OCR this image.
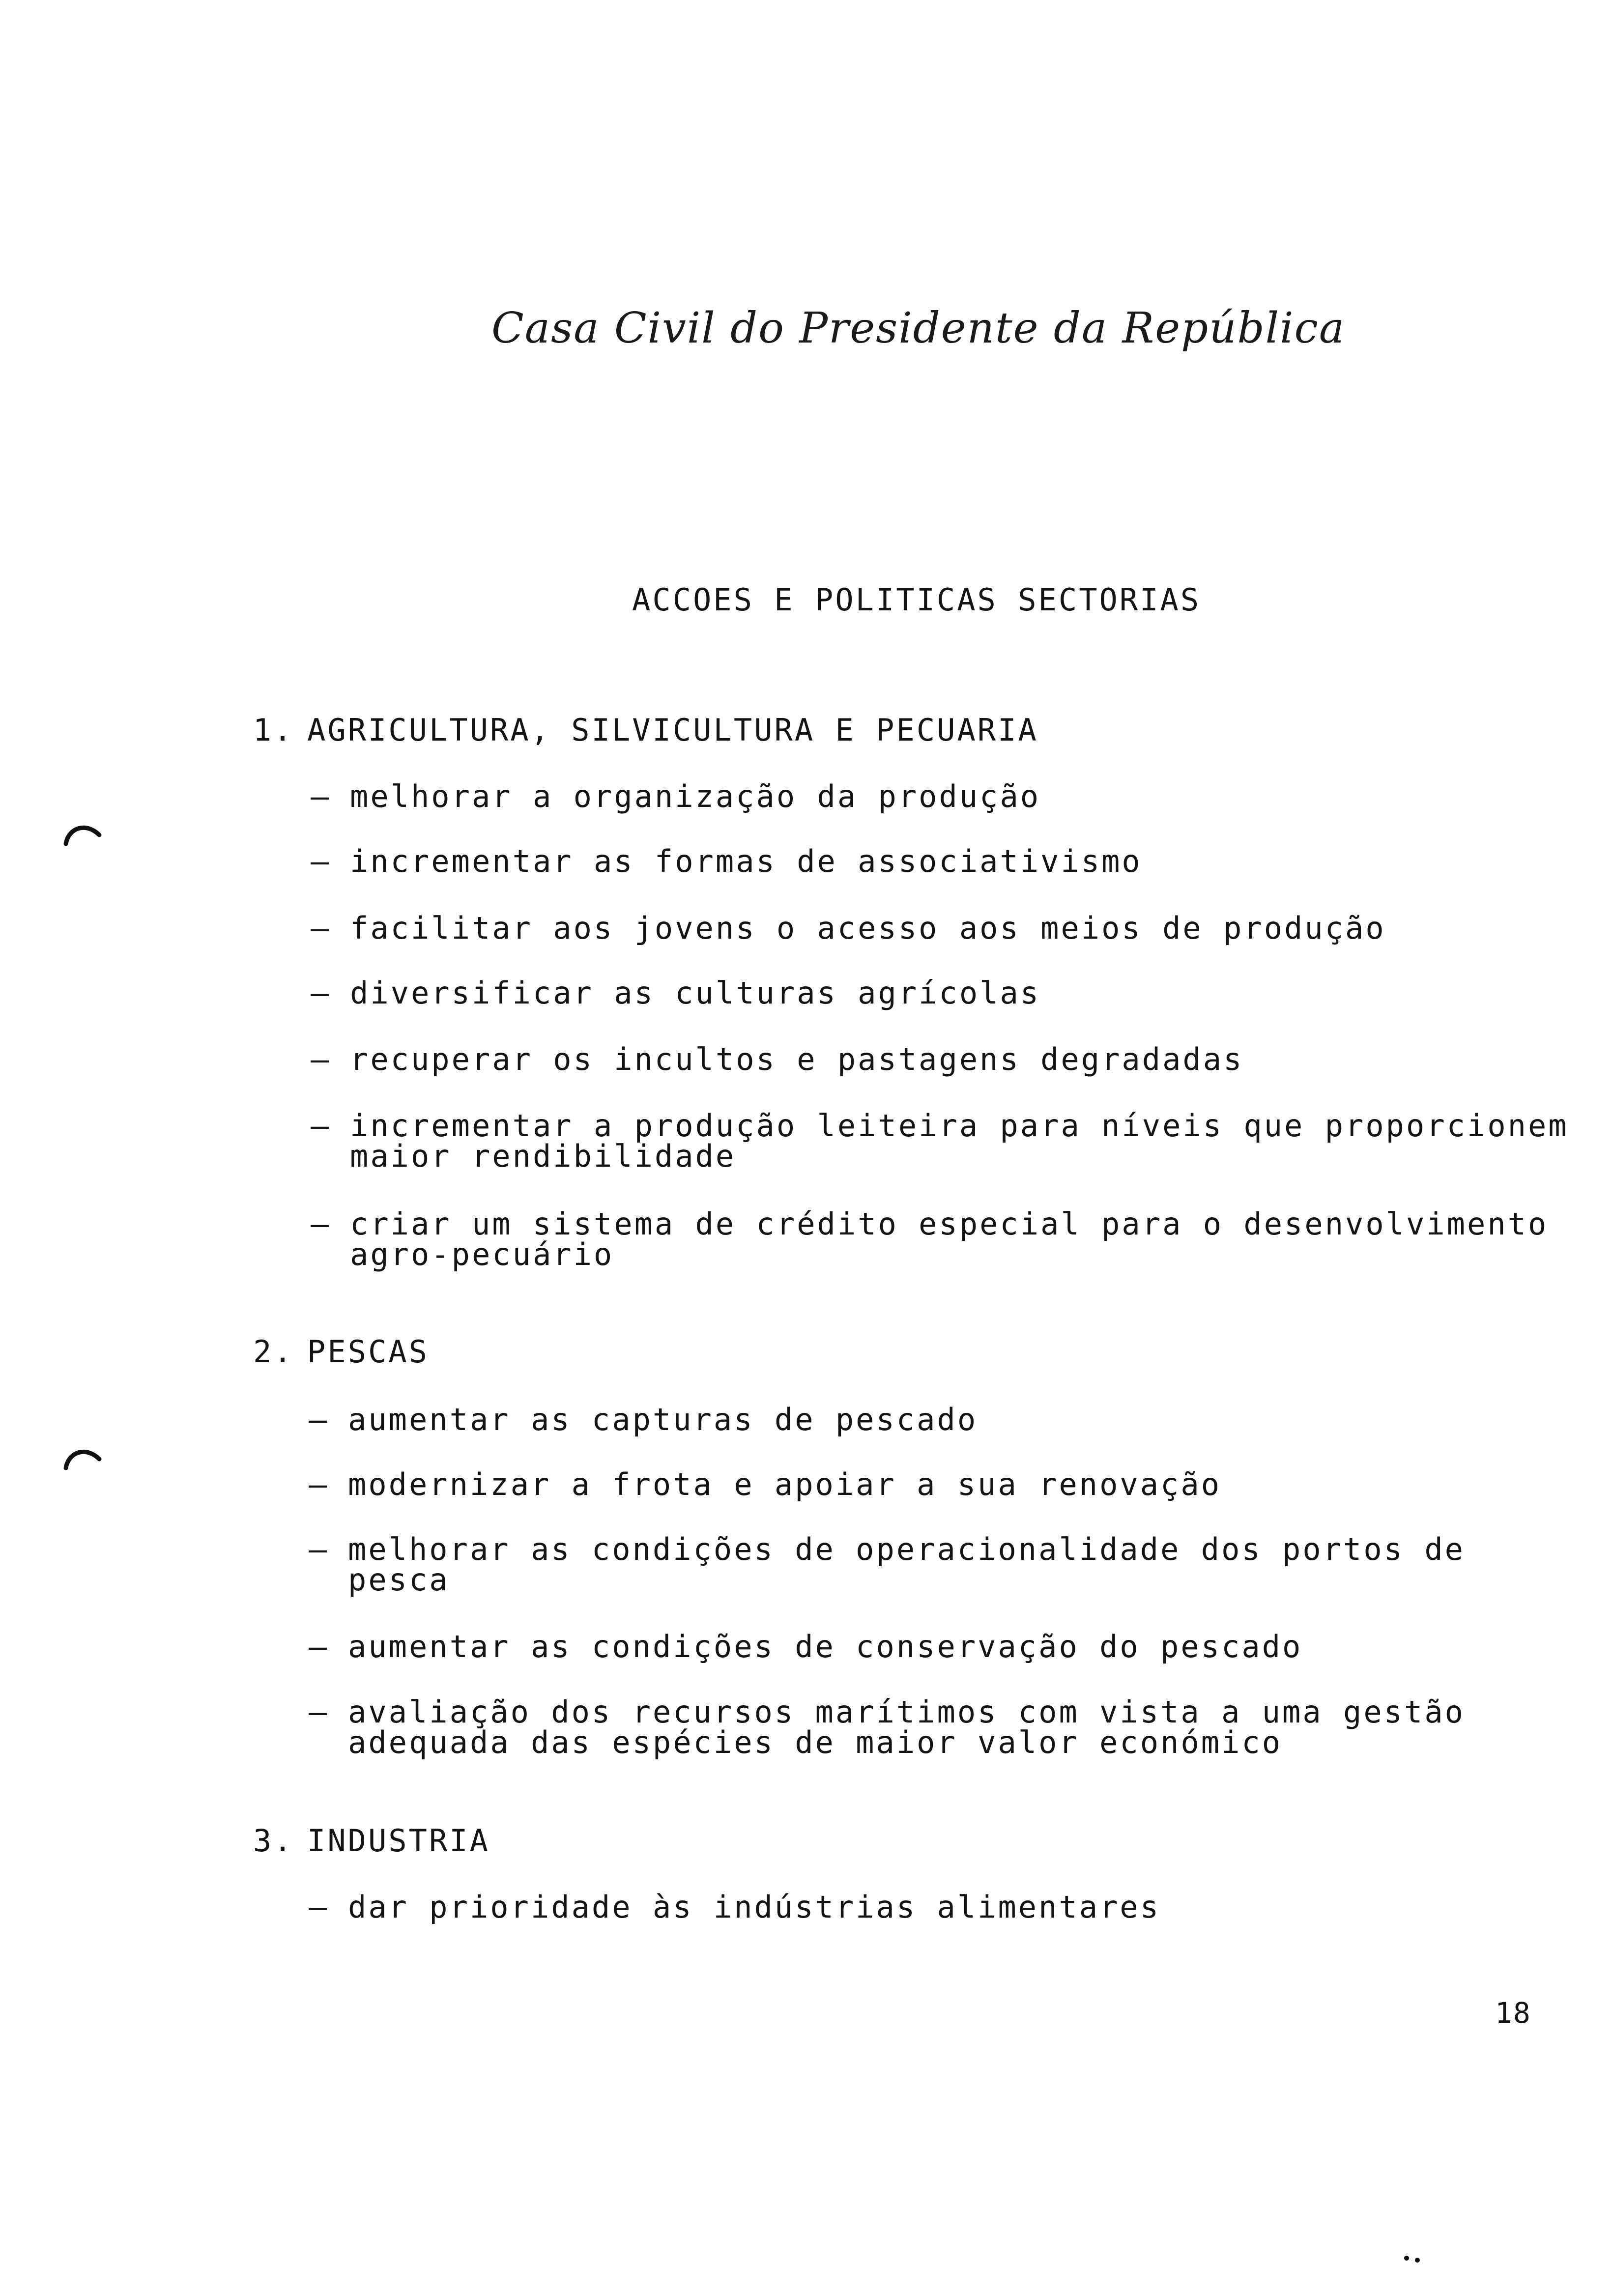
Casa Civil do Presidente da República
ACCOES E POLITICAS SECTORIAS
1. AGRICULTURA, SILVICULTURA E PECUARIA
– melhorar a organização da produção
– incrementar as formas de associativismo
– facilitar aos jovens o acesso aos meios de produção
– diversificar as culturas agrícolas
– recuperar os incultos e pastagens degradadas
– incrementar a produção leiteira para níveis que proporcionem
maior rendibilidade
– criar um sistema de crédito especial para o desenvolvimento
agro-pecuário
2. PESCAS
– aumentar as capturas de pescado
– modernizar a frota e apoiar a sua renovação
– melhorar as condições de operacionalidade dos portos de
pesca
– aumentar as condições de conservação do pescado
– avaliação dos recursos marítimos com vista a uma gestão
adequada das espécies de maior valor económico
3. INDUSTRIA
– dar prioridade às indústrias alimentares
18
